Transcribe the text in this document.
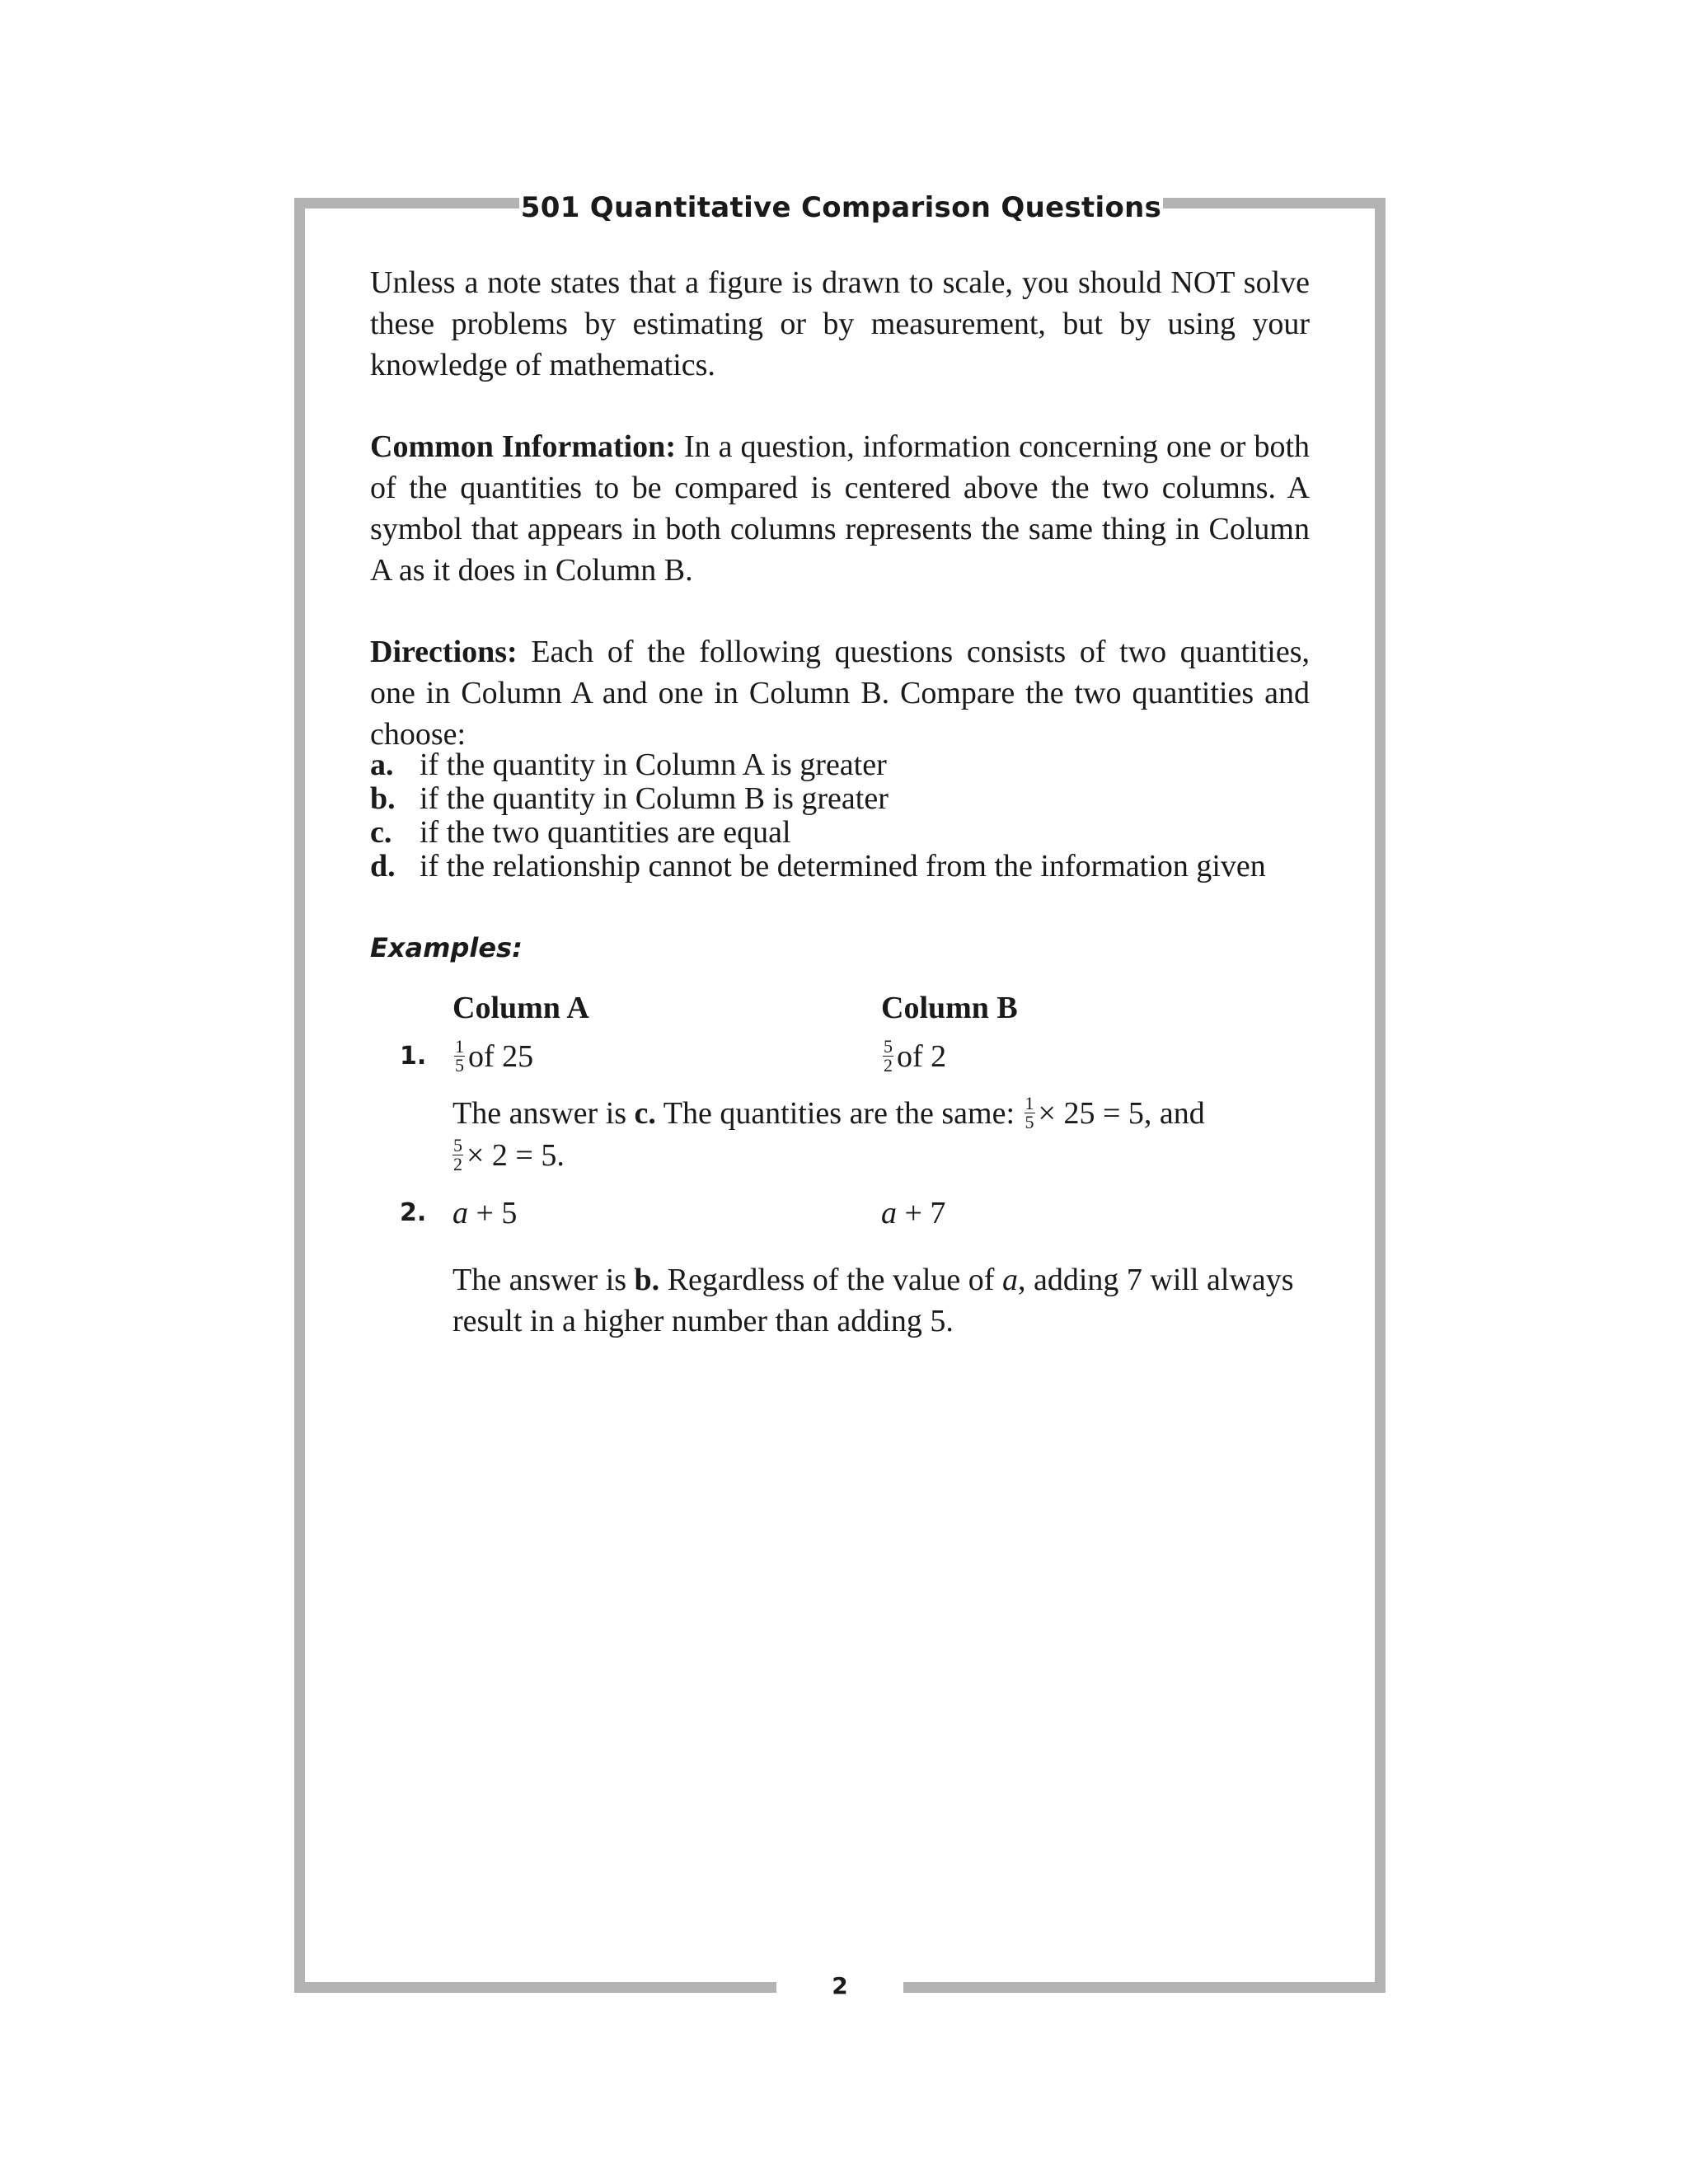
501 Quantitative Comparison Questions

Unless a note states that a figure is drawn to scale, you should NOT solve these problems by estimating or by measurement, but by using your knowledge of mathematics.

Common Information: In a question, information concerning one or both of the quantities to be compared is centered above the two columns. A symbol that appears in both columns represents the same thing in Column A as it does in Column B.

Directions: Each of the following questions consists of two quantities, one in Column A and one in Column B. Compare the two quantities and choose:

a. if the quantity in Column A is greater
b. if the quantity in Column B is greater
c. if the two quantities are equal
d. if the relationship cannot be determined from the information given
Examples:
Column A	Column B
1. $\frac{1}{5}$ of 25	$\frac{5}{2}$ of 2
The answer is c. The quantities are the same: $\frac{1}{5} \times 25 = 5$, and

$\frac{5}{2} \times 2 = 5$.
2. a + 5	a + 7
The answer is b. Regardless of the value of a, adding 7 will always result in a higher number than adding 5.
2
